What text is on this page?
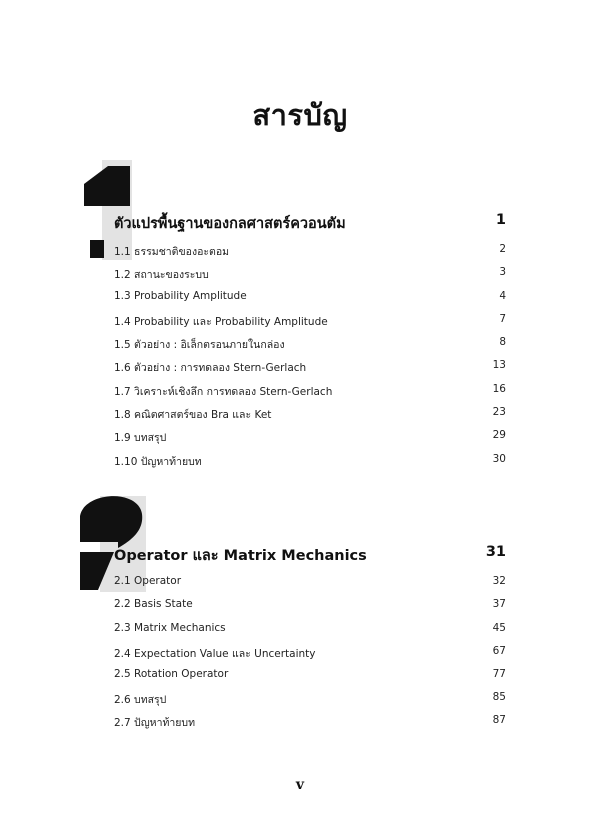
สารบัญ
ตัวแปรพื้นฐานของกลศาสตร์ควอนตัม	1
1.1 ธรรมชาติของอะตอม	2
1.2 สถานะของระบบ	3
1.3 Probability Amplitude	4
1.4 Probability และ Probability Amplitude	7
1.5 ตัวอย่าง : อิเล็กตรอนภายในกล่อง	8
1.6 ตัวอย่าง : การทดลอง Stern-Gerlach	13
1.7 วิเคราะห์เชิงลึก การทดลอง Stern-Gerlach	16
1.8 คณิตศาสตร์ของ Bra และ Ket	23
1.9 บทสรุป	29
1.10 ปัญหาท้ายบท	30
Operator และ Matrix Mechanics	31
2.1 Operator	32
2.2 Basis State	37
2.3 Matrix Mechanics	45
2.4 Expectation Value และ Uncertainty	67
2.5 Rotation Operator	77
2.6 บทสรุป	85
2.7 ปัญหาท้ายบท	87
v
